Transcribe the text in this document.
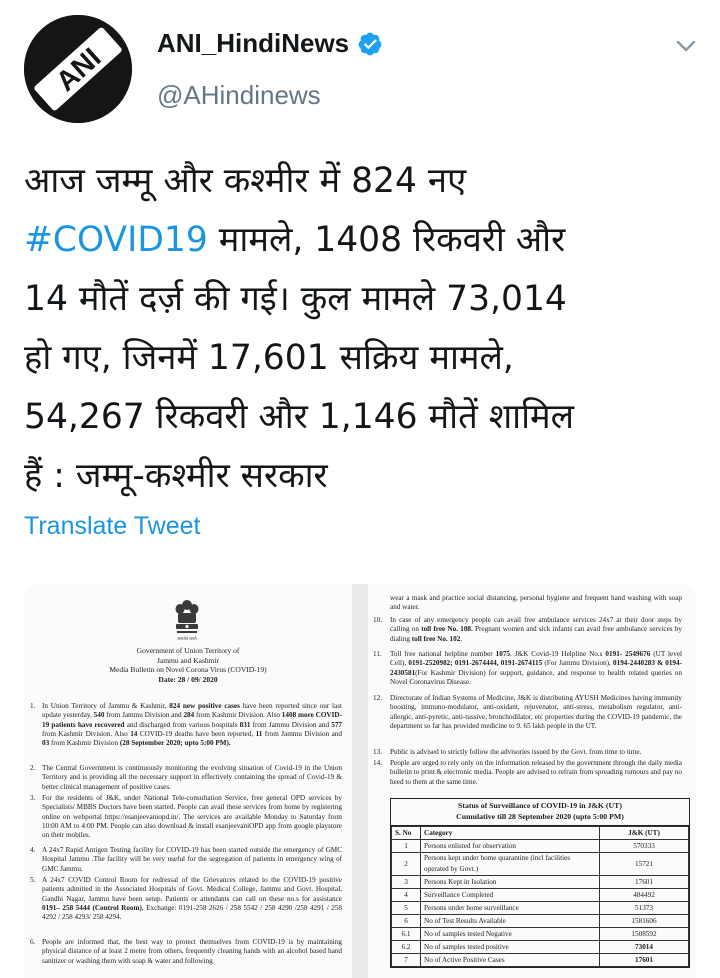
ANI ANI_HindiNews
@AHindinews
आज जम्मू और कश्मीर में 824 नए
#COVID19 मामले, 1408 रिकवरी और
14 मौतें दर्ज़ की गई। कुल मामले 73,014
हो गए, जिनमें 17,601 सक्रिय मामले,
54,267 रिकवरी और 1,146 मौतें शामिल
हैं : जम्मू-कश्मीर सरकार
Translate Tweet
सत्यमेव जयते
Government of Union Territory of
Jammu and Kashmir
Media Bulletin on Novel Corona Virus (COVID-19)
Date: 28 / 09/ 2020
1. In Union Territory of Jammu & Kashmir, 824 new positive cases have been reported since our last update yesterday, 540 from Jammu Division and 284 from Kashmir Division. Also 1408 more COVID-19 patients have recovered and discharged from various hospitals 831 from Jammu Division and 577 from Kashmir Division. Also 14 COVID-19 deaths have been reported, 11 from Jammu Division and 03 from Kashmir Division (28 September 2020; upto 5:00 PM).
2. The Central Government is continuously monitoring the evolving situation of Covid-19 in the Union Territory and is providing all the necessary support in effectively containing the spread of Covid-19 & better clinical management of positive cases.
3. For the residents of J&K, under National Tele-consultation Service, free general OPD services by Specialists/ MBBS Doctors have been started. People can avail these services from home by registering online on webportal https://esanjeevaniopd.in/. The services are available Monday to Saturday from 10:00 AM to 4:00 PM. People can also download & install esanjeevaniOPD app from google playstore on their mobiles.
4. A 24x7 Rapid Antigen Testing facility for COVID-19 has been started outside the emergency of GMC Hospital Jammu .The facility will be very useful for the segregation of patients in emergency wing of GMC Jammu.
5. A 24x7 COVID Control Room for redressal of the Grievances related to the COVID-19 positive patients admitted in the Associated Hospitals of Govt. Medical College, Jammu and Govt. Hospital, Gandhi Nagar, Jammu have been setup. Patients or attendants can call on these no.s for assistance 0191– 258 5444 (Control Room), Exchange: 0191-258 2626 / 258 5542 / 258 4290 /258 4291 / 258 4292 / 258 4293/ 258 4294.
6. People are informed that, the best way to protect themselves from COVID-19 is by maintaining physical distance of at least 2 metre from others, frequently cleaning hands with an alcohol based hand sanitizer or washing them with soap & water and following
wear a mask and practice social distancing, personal hygiene and frequent hand washing with soap and water.
10. In case of any emergency people can avail free ambulance services 24x7 at their door steps by calling on toll free No. 108. Pregnant women and sick infants can avail free ambulance services by dialing toll free No. 102.
11. Toll free national helpline number 1075. J&K Covid-19 Helpline No.s 0191- 2549676 (UT level Cell), 0191-2520982; 0191-2674444, 0191-2674115 (For Jammu Division), 0194-2440283 & 0194-2430581(For Kashmir Division) for support, guidance, and response to health related queries on Novel Coronavirus Disease.
12. Directorate of Indian Systems of Medicine, J&K is distributing AYUSH Medicines having immunity boosting, immuno-modulator, anti-oxidant, rejuvenator, anti-stress, metabolism regulator, anti-allergic, anti-pyretic, anti-tussive, bronchodilator, etc properties during the COVID-19 pandemic, the department so far has provided medicine to 9. 65 lakh people in the UT.
13. Public is advised to strictly follow the advisories issued by the Govt. from time to time.
14. People are urged to rely only on the information released by the government through the daily media bulletin to print & electronic media. People are advised to refrain from spreading rumours and pay no heed to them at the same time.
Status of Surveillance of COVID-19 in J&K (UT)
Cumulative till 28 September 2020 (upto 5:00 PM)
S. No	Category	J&K (UT)
1	Persons enlisted for observation	570333
2	Persons kept under home quarantine (incl facilities operated by Govt.)	15721
3	Persons Kept in Isolation	17601
4	Surveillance Completed	484492
5	Persons under home surveillance	51373
6	No of Test Results Available	1581606
6.1	No of samples tested Negative	1508592
6.2	No of samples tested positive	73014
7	No of Active Positive Cases	17601
